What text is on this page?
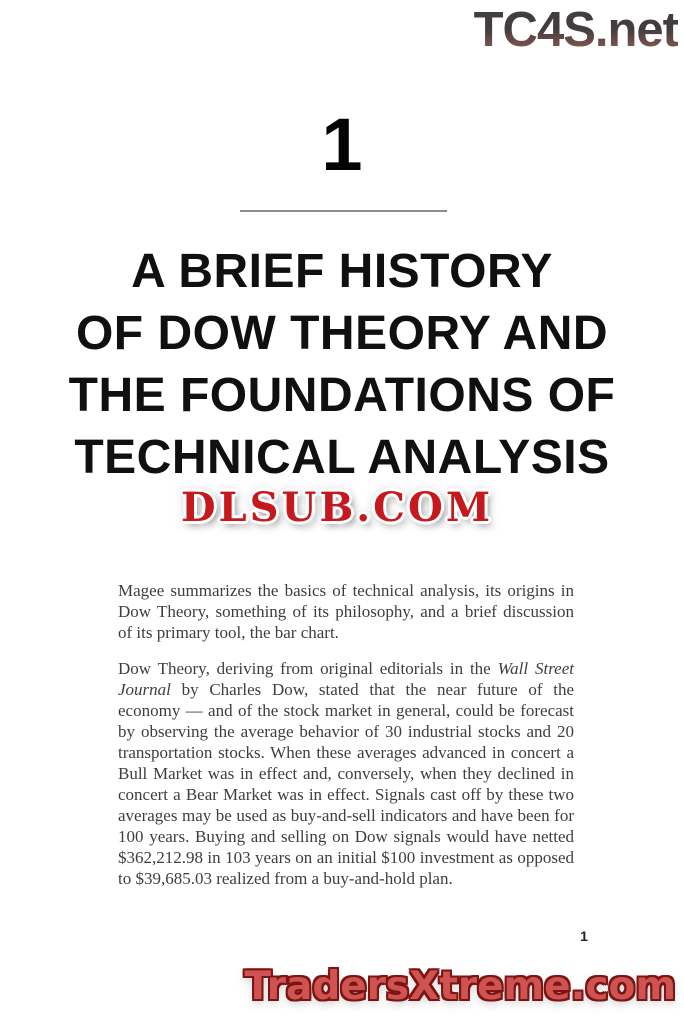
TC4S.net
1
A BRIEF HISTORY
OF DOW THEORY AND
THE FOUNDATIONS OF
TECHNICAL ANALYSIS
DLSUB.COM

Magee summarizes the basics of technical analysis, its origins in Dow Theory, something of its philosophy, and a brief discussion of its primary tool, the bar chart.

Dow Theory, deriving from original editorials in the Wall Street Journal by Charles Dow, stated that the near future of the economy — and of the stock market in general, could be forecast by observing the average behavior of 30 industrial stocks and 20 transportation stocks. When these averages advanced in concert a Bull Market was in effect and, conversely, when they declined in concert a Bear Market was in effect. Signals cast off by these two averages may be used as buy-and-sell indicators and have been for 100 years. Buying and selling on Dow signals would have netted $362,212.98 in 103 years on an initial $100 investment as opposed to $39,685.03 realized from a buy-and-hold plan.

1
TradersXtreme.com
